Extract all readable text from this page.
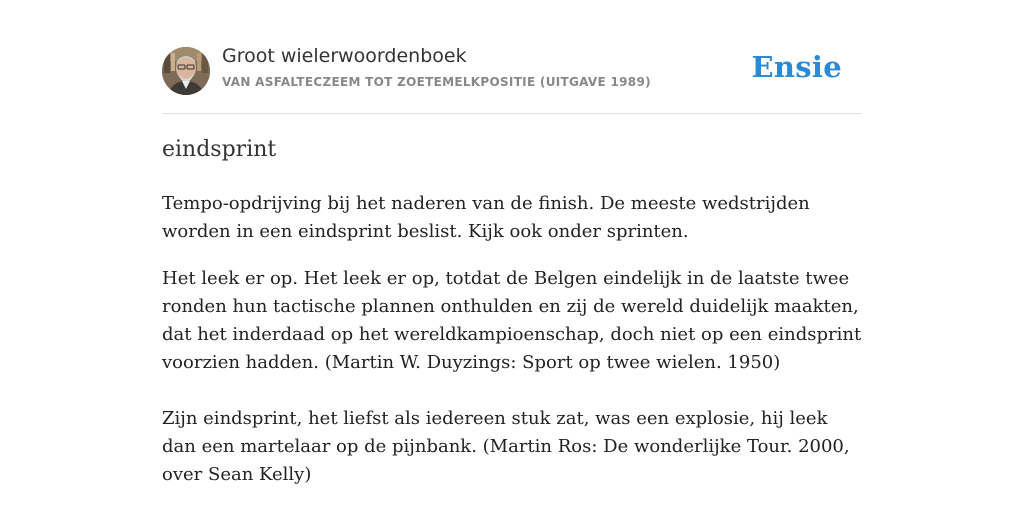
Groot wielerwoordenboek
VAN ASFALTECZEEM TOT ZOETEMELKPOSITIE (UITGAVE 1989)	Ensie
eindsprint

Tempo-opdrijving bij het naderen van de finish. De meeste wedstrijden worden in een eindsprint beslist. Kijk ook onder sprinten.

Het leek er op. Het leek er op, totdat de Belgen eindelijk in de laatste twee ronden hun tactische plannen onthulden en zij de wereld duidelijk maakten, dat het inderdaad op het wereldkampioenschap, doch niet op een eindsprint voorzien hadden. (Martin W. Duyzings: Sport op twee wielen. 1950)

Zijn eindsprint, het liefst als iedereen stuk zat, was een explosie, hij leek dan een martelaar op de pijnbank. (Martin Ros: De wonderlijke Tour. 2000, over Sean Kelly)
